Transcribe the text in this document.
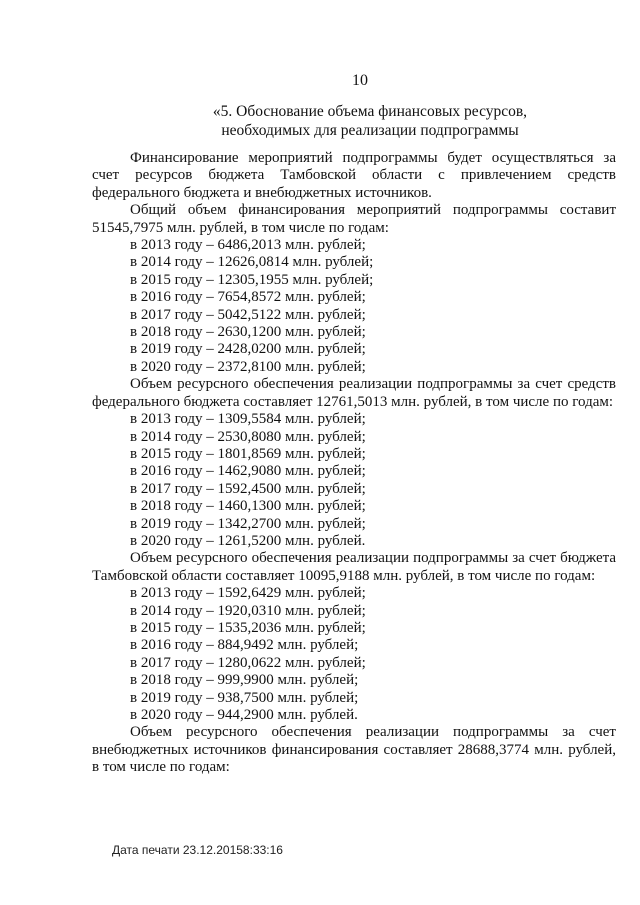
10
«5. Обоснование объема финансовых ресурсов,
необходимых для реализации подпрограммы

Финансирование мероприятий подпрограммы будет осуществляться за счет ресурсов бюджета Тамбовской области с привлечением средств федерального бюджета и внебюджетных источников.

Общий объем финансирования мероприятий подпрограммы составит 51545,7975 млн. рублей, в том числе по годам:

в 2013 году – 6486,2013 млн. рублей;
в 2014 году – 12626,0814 млн. рублей;
в 2015 году – 12305,1955 млн. рублей;
в 2016 году – 7654,8572 млн. рублей;
в 2017 году – 5042,5122 млн. рублей;
в 2018 году – 2630,1200 млн. рублей;
в 2019 году – 2428,0200 млн. рублей;
в 2020 году – 2372,8100 млн. рублей;

Объем ресурсного обеспечения реализации подпрограммы за счет средств федерального бюджета составляет 12761,5013 млн. рублей, в том числе по годам:

в 2013 году – 1309,5584 млн. рублей;
в 2014 году – 2530,8080 млн. рублей;
в 2015 году – 1801,8569 млн. рублей;
в 2016 году – 1462,9080 млн. рублей;
в 2017 году – 1592,4500 млн. рублей;
в 2018 году – 1460,1300 млн. рублей;
в 2019 году – 1342,2700 млн. рублей;
в 2020 году – 1261,5200 млн. рублей.

Объем ресурсного обеспечения реализации подпрограммы за счет бюджета Тамбовской области составляет 10095,9188 млн. рублей, в том числе по годам:

в 2013 году – 1592,6429 млн. рублей;
в 2014 году – 1920,0310 млн. рублей;
в 2015 году – 1535,2036 млн. рублей;
в 2016 году – 884,9492 млн. рублей;
в 2017 году – 1280,0622 млн. рублей;
в 2018 году – 999,9900 млн. рублей;
в 2019 году – 938,7500 млн. рублей;
в 2020 году – 944,2900 млн. рублей.

Объем ресурсного обеспечения реализации подпрограммы за счет внебюджетных источников финансирования составляет 28688,3774 млн. рублей, в том числе по годам:

Дата печати 23.12.20158:33:16
